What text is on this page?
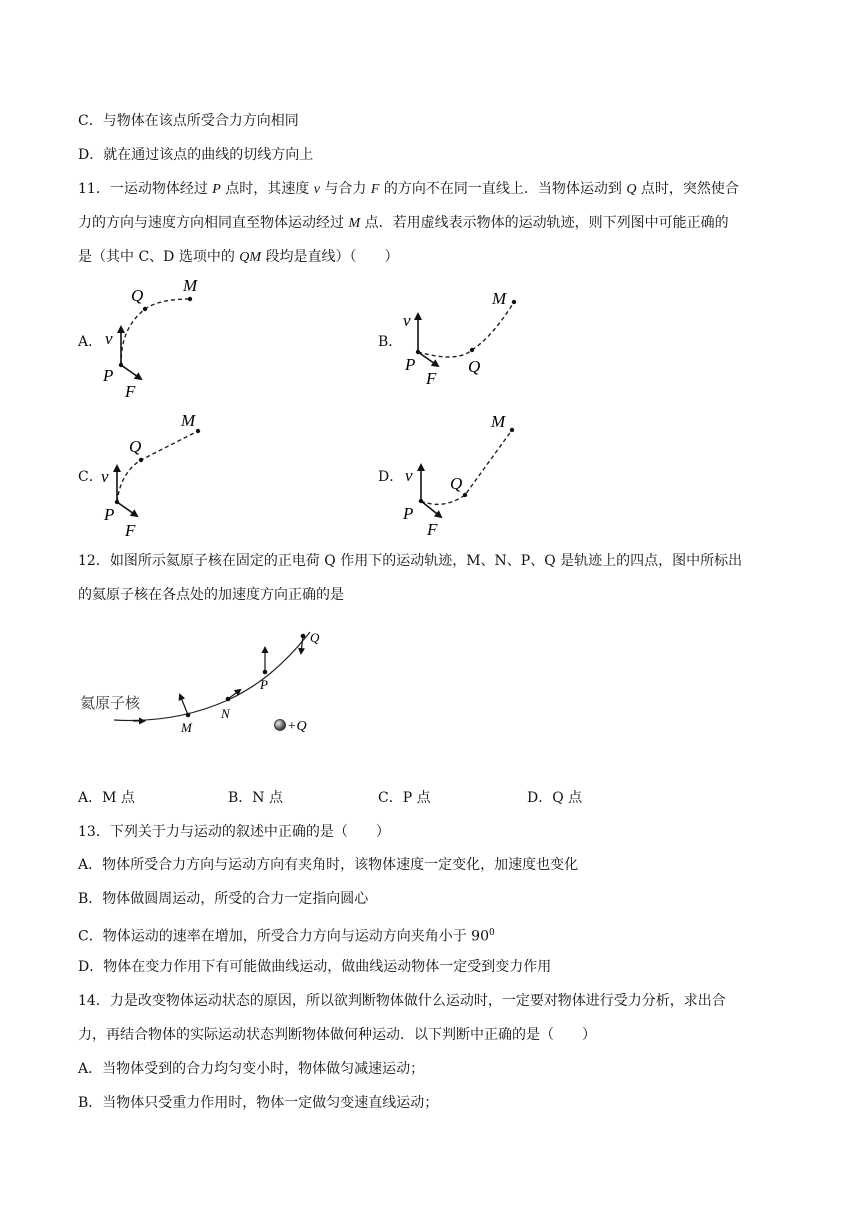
C．与物体在该点所受合力方向相同
D．就在通过该点的曲线的切线方向上
11．一运动物体经过 P 点时，其速度 v 与合力 F 的方向不在同一直线上．当物体运动到 Q 点时，突然使合
力的方向与速度方向相同直至物体运动经过 M 点．若用虚线表示物体的运动轨迹，则下列图中可能正确的
是（其中 C、D 选项中的 QM 段均是直线）（　　）
A．	B．
C．	D．
P
Q
M
v
F
P	Q
M
v
F
P
Q
M
v
F
P
Q
M
v
F
12．如图所示氦原子核在固定的正电荷 Q 作用下的运动轨迹，M、N、P、Q 是轨迹上的四点，图中所标出
的氦原子核在各点处的加速度方向正确的是
氦原子核
M
N
P
Q
+Q
A．M 点	B．N 点	C．P 点	D．Q 点
13．下列关于力与运动的叙述中正确的是（　　）
A．物体所受合力方向与运动方向有夹角时，该物体速度一定变化，加速度也变化
B．物体做圆周运动，所受的合力一定指向圆心
C．物体运动的速率在增加，所受合力方向与运动方向夹角小于 $90^0$
D．物体在变力作用下有可能做曲线运动，做曲线运动物体一定受到变力作用
14．力是改变物体运动状态的原因，所以欲判断物体做什么运动时，一定要对物体进行受力分析，求出合
力，再结合物体的实际运动状态判断物体做何种运动．以下判断中正确的是（　　）
A．当物体受到的合力均匀变小时，物体做匀减速运动；
B．当物体只受重力作用时，物体一定做匀变速直线运动；
